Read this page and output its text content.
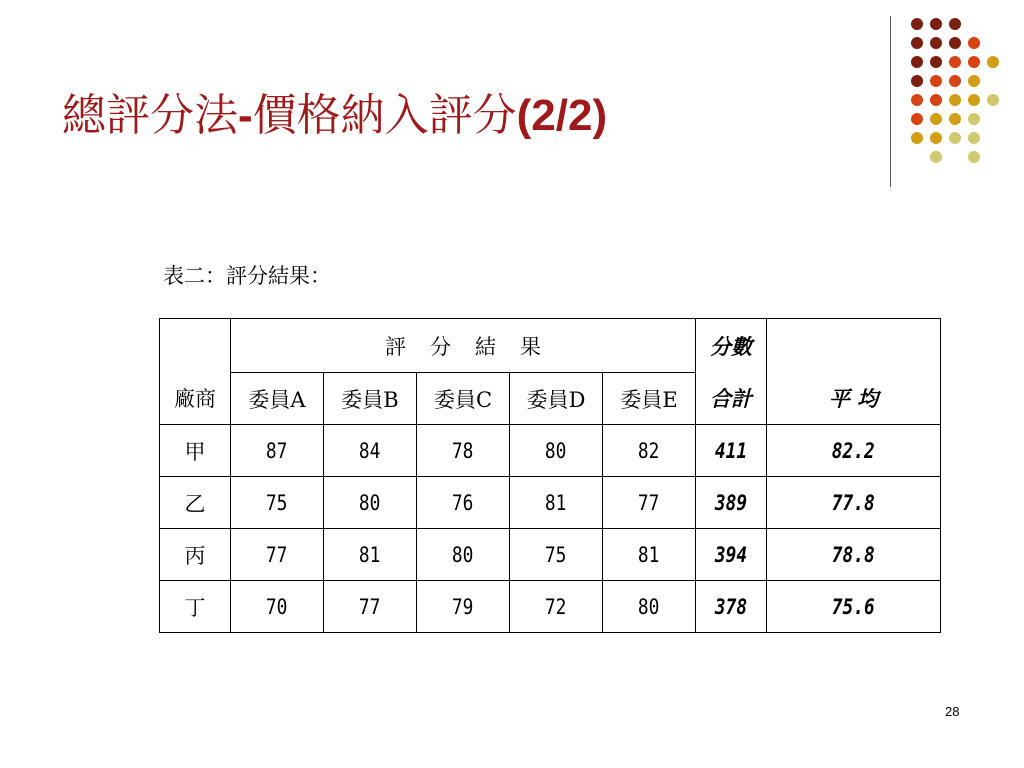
總評分法-價格納入評分(2/2)
表二：評分結果：
	評分結果					分數	
廠商	委員A	委員B	委員C	委員D	委員E	合計	平 均
甲	87	84	78	80	82	411	82.2
乙	75	80	76	81	77	389	77.8
丙	77	81	80	75	81	394	78.8
丁	70	77	79	72	80	378	75.6
28
